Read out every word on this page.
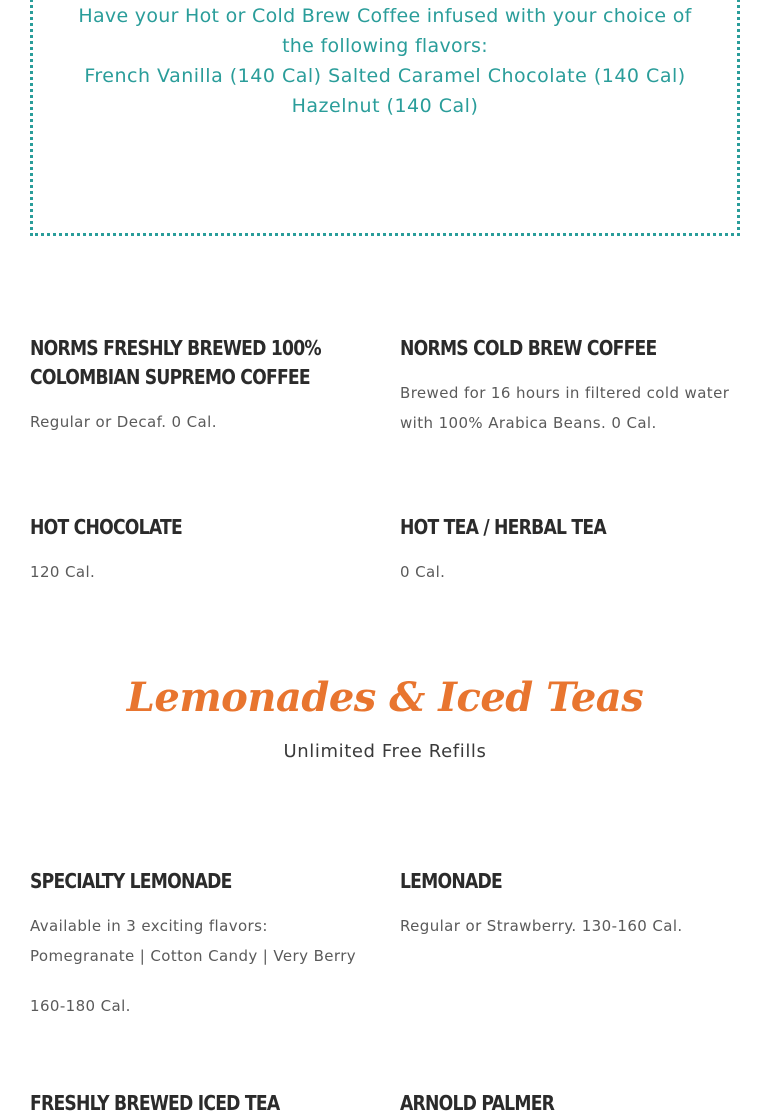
Have your Hot or Cold Brew Coffee infused with your choice of the following flavors:

French Vanilla (140 Cal) Salted Caramel Chocolate (140 Cal) Hazelnut (140 Cal)

NORMS FRESHLY BREWED 100% COLOMBIAN SUPREMO COFFEE

Regular or Decaf. 0 Cal.

NORMS COLD BREW COFFEE

Brewed for 16 hours in filtered cold water with 100% Arabica Beans. 0 Cal.

HOT CHOCOLATE

120 Cal.

HOT TEA / HERBAL TEA

0 Cal.

Lemonades & Iced Teas

Unlimited Free Refills

SPECIALTY LEMONADE

Available in 3 exciting flavors:

Pomegranate | Cotton Candy | Very Berry

160-180 Cal.

LEMONADE

Regular or Strawberry. 130-160 Cal.

FRESHLY BREWED ICED TEA	ARNOLD PALMER
